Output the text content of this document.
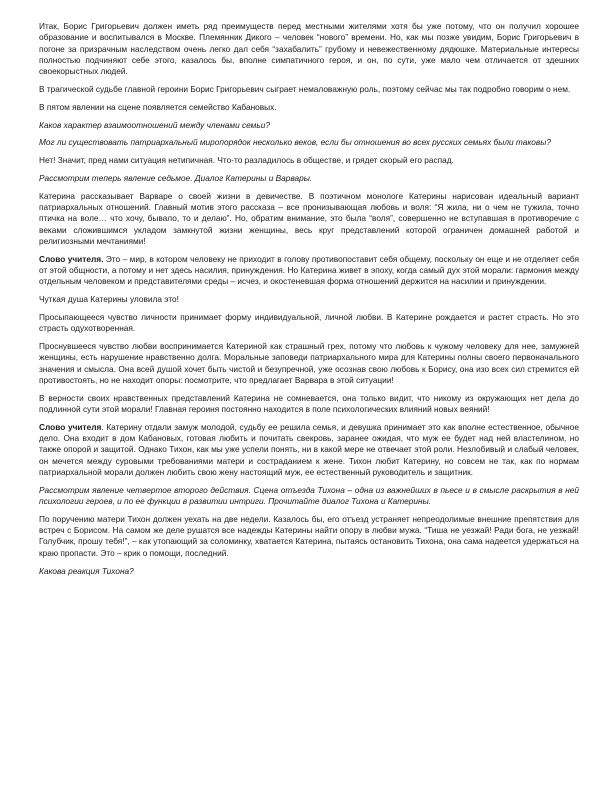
Итак, Борис Григорьевич должен иметь ряд преимуществ перед местными жителями хотя бы уже потому, что он получил хорошее образование и воспитывался в Москве. Племянник Дикого – человек “нового” времени. Но, как мы позже увидим, Борис Григорьевич в погоне за призрачным наследством очень легко дал себя “захабалить” грубому и невежественному дядюшке. Материальные интересы полностью подчиняют себе этого, казалось бы, вполне симпатичного героя, и он, по сути, уже мало чем отличается от здешних своекорыстных людей.

В трагической судьбе главной героини Борис Григорьевич сыграет немаловажную роль, поэтому сейчас мы так подробно говорим о нем.

В пятом явлении на сцене появляется семейство Кабановых.

Каков характер взаимоотношений между членами семьи?

Мог ли существовать патриархальный миропорядок несколько веков, если бы отношения во всех русских семьях были таковы?

Нет! Значит, пред нами ситуация нетипичная. Что-то разладилось в обществе, и грядет скорый его распад.

Рассмотрим теперь явление седьмое. Диалог Катерины и Варвары.

Катерина рассказывает Варваре о своей жизни в девичестве. В поэтичном монологе Катерины нарисован идеальный вариант патриархальных отношений. Главный мотив этого рассказа – все пронизывающая любовь и воля: “Я жила, ни о чем не тужила, точно птичка на воле… что хочу, бывало, то и делаю”. Но, обратим внимание, это была “воля”, совершенно не вступавшая в противоречие с веками сложившимся укладом замкнутой жизни женщины, весь круг представлений которой ограничен домашней работой и религиозными мечтаниями!

Слово учителя. Это – мир, в котором человеку не приходит в голову противопоставит себя общему, поскольку он еще и не отделяет себя от этой общности, а потому и нет здесь насилия, принуждения. Но Катерина живет в эпоху, когда самый дух этой морали: гармония между отдельным человеком и представителями среды – исчез, и окостеневшая форма отношений держится на насилии и принуждении.

Чуткая душа Катерины уловила это!

Просыпающееся чувство личности принимает форму индивидуальной, личной любви. В Катерине рождается и растет страсть. Но это страсть одухотворенная.

Проснувшееся чувство любви воспринимается Катериной как страшный грех, потому что любовь к чужому человеку для нее, замужней женщины, есть нарушение нравственно долга. Моральные заповеди патриархального мира для Катерины полны своего первоначального значения и смысла. Она всей душой хочет быть чистой и безупречной, уже осознав свою любовь к Борису, она изо всех сил стремится ей противостоять, но не находит опоры: посмотрите, что предлагает Варвара в этой ситуации!

В верности своих нравственных представлений Катерина не сомневается, она только видит, что никому из окружающих нет дела до подлинной сути этой морали! Главная героиня постоянно находится в поле психологических влияний новых веяний!

Слово учителя. Катерину отдали замуж молодой, судьбу ее решила семья, и девушка принимает это как вполне естественное, обычное дело. Она входит в дом Кабановых, готовая любить и почитать свекровь, заранее ожидая, что муж ее будет над ней властелином, но также опорой и защитой. Однако Тихон, как мы уже успели понять, ни в какой мере не отвечает этой роли. Незлобивый и слабый человек, он мечется между суровыми требованиями матери и состраданием к жене. Тихон любит Катерину, но совсем не так, как по нормам патриархальной морали должен любить свою жену настоящий муж, ее естественный руководитель и защитник.

Рассмотрим явление четвертое второго действия. Сцена отъезда Тихона – одна из важнейших в пьесе и в смысле раскрытия в ней психологии героев, и по ее функции в развитии интриги. Прочитайте диалог Тихона и Катерины.

По поручению матери Тихон должен уехать на две недели. Казалось бы, его отъезд устраняет непреодолимые внешние препятствия для встреч с Борисом. На самом же деле рушатся все надежды Катерины найти опору в любви мужа. “Тиша не уезжай! Ради бога, не уезжай! Голубчик, прошу тебя!”, – как утопающий за соломинку, хватается Катерина, пытаясь остановить Тихона, она сама надеется удержаться на краю пропасти. Это – крик о помощи, последний.

Какова реакция Тихона?
